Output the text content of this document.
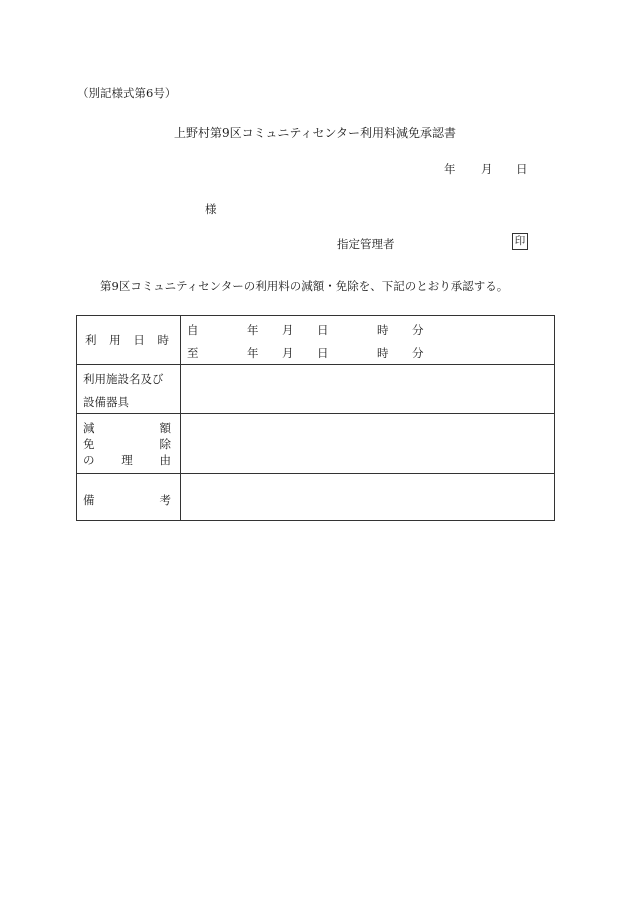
（別記様式第6号）
上野村第9区コミュニティセンター利用料減免承認書
年 月 日
様
指定管理者	印
第9区コミュニティセンターの利用料の減額・免除を、下記のとおり承認する。
利 用 日 時
自	年 月 日	時 分
至	年 月 日	時 分
利用施設名及び
設備器具
減	額
免	除
の 理 由
備	考
